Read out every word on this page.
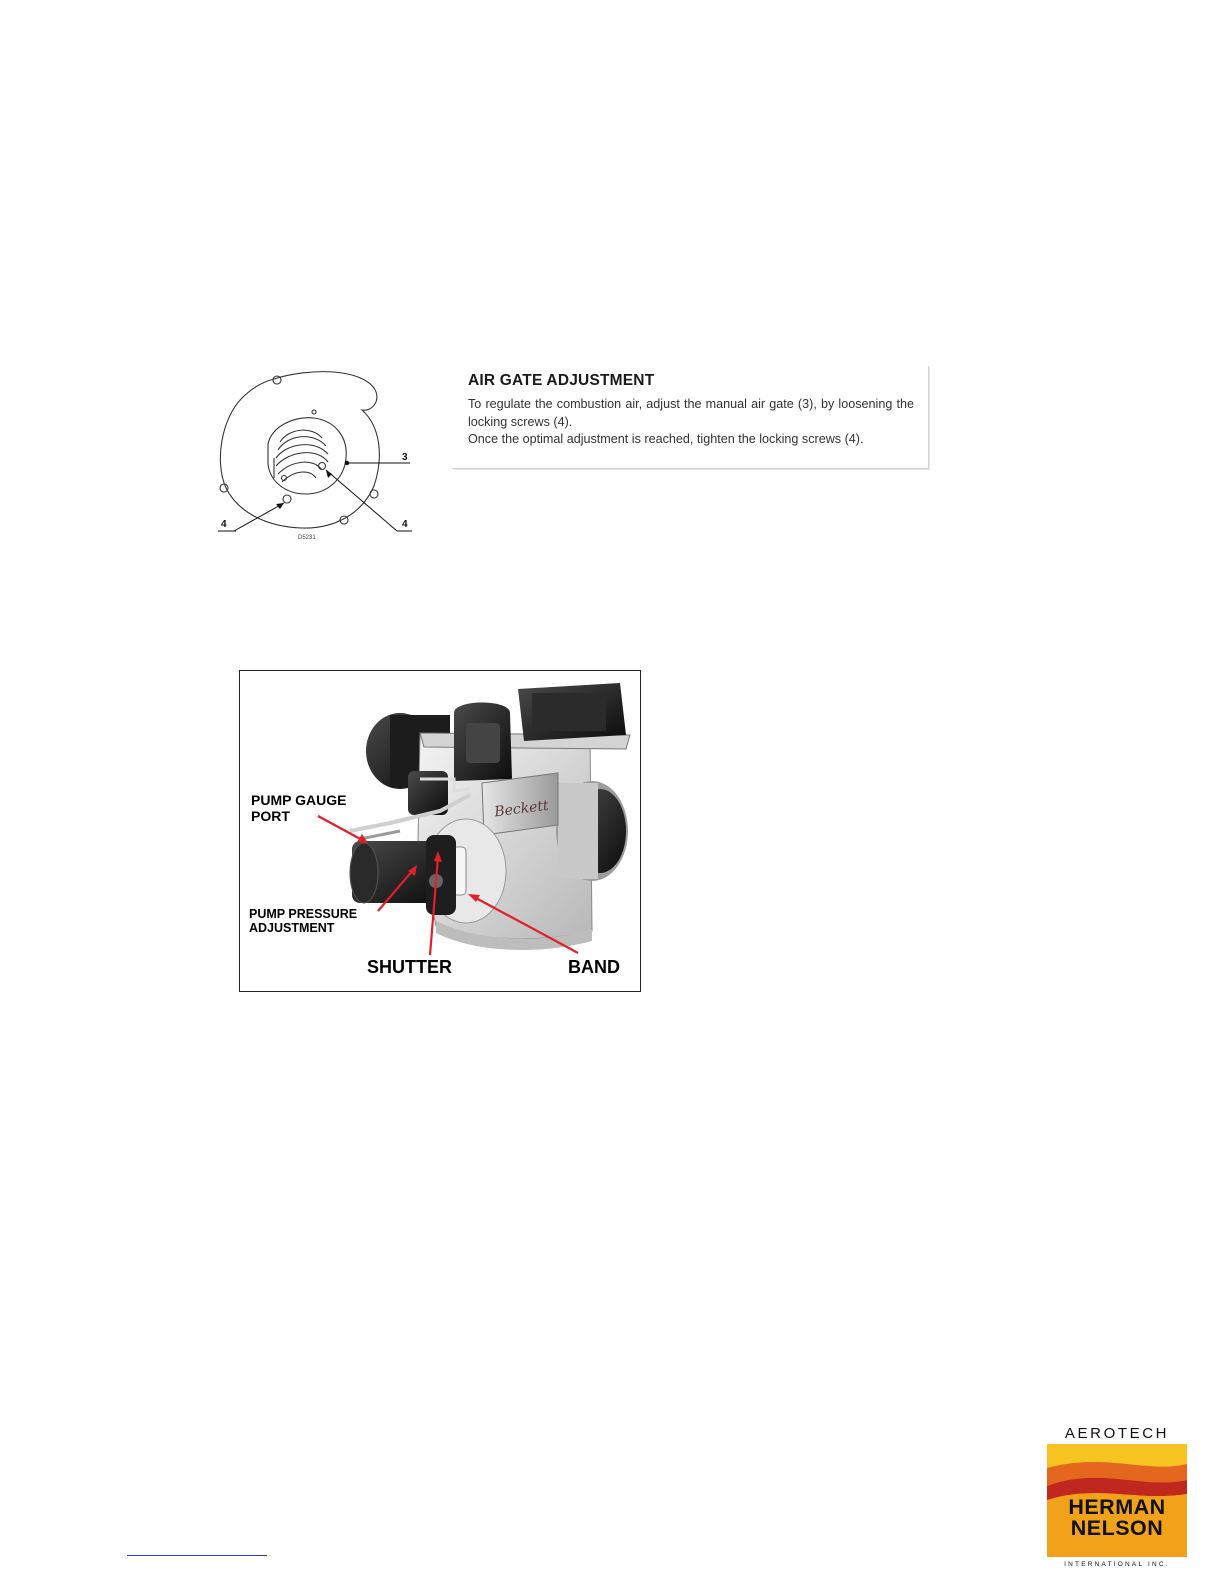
3
4	4
D5231
AIR GATE ADJUSTMENT

To regulate the combustion air, adjust the manual air gate (3), by loosening the locking screws (4).

Once the optimal adjustment is reached, tighten the locking screws (4).

Beckett
PUMP GAUGE PORT
PUMP PRESSURE ADJUSTMENT
SHUTTER	BAND
AEROTECH
HERMAN
NELSON
INTERNATIONAL INC.
